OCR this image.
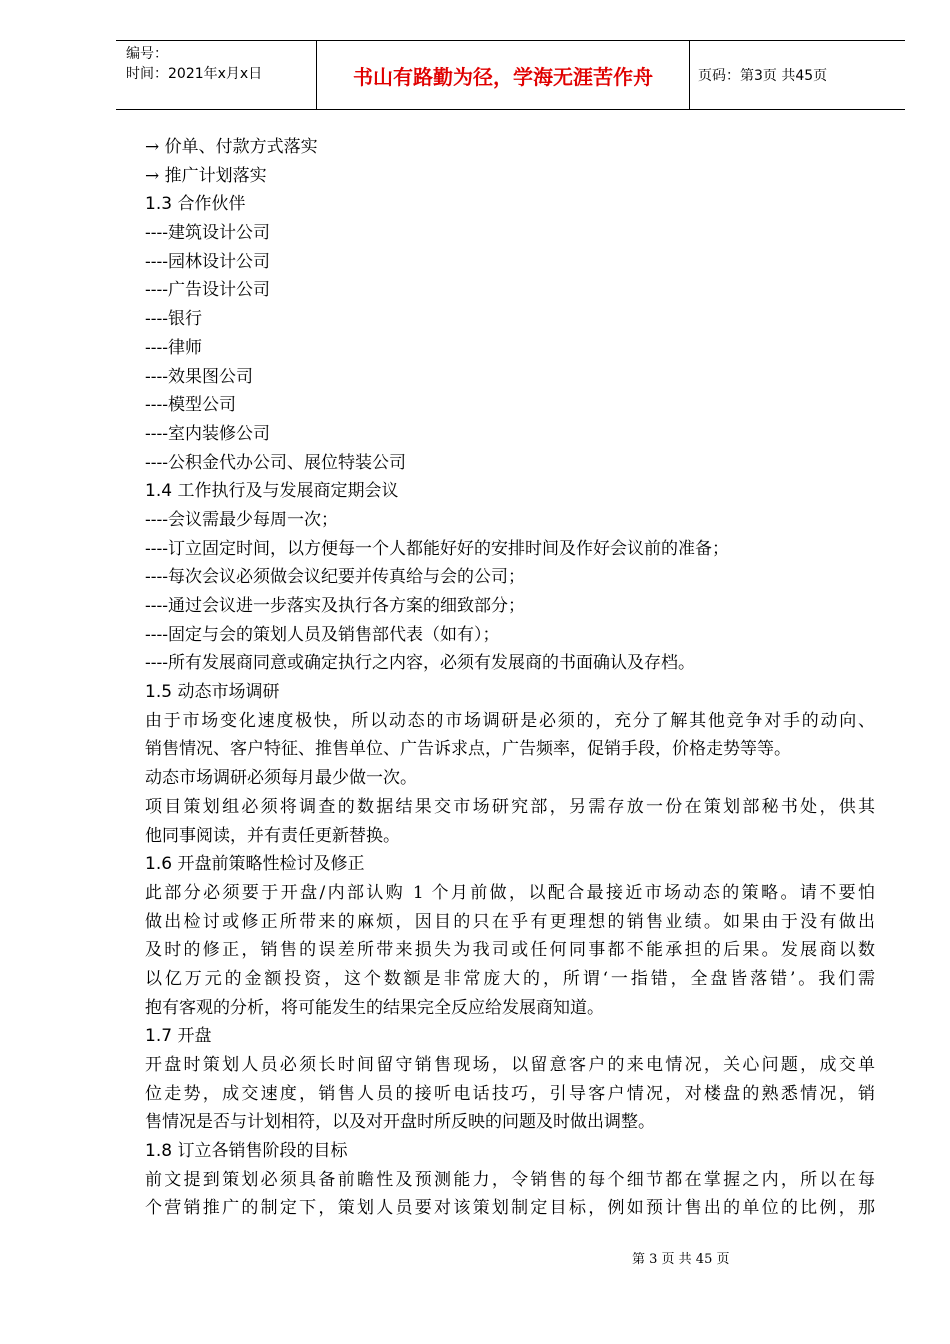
编号：
时间：2021年x月x日	书山有路勤为径，学海无涯苦作舟	页码：第3页 共45页
→ 价单、付款方式落实
→ 推广计划落实
1.3 合作伙伴
----建筑设计公司
----园林设计公司
----广告设计公司
----银行
----律师
----效果图公司
----模型公司
----室内装修公司
----公积金代办公司、展位特装公司
1.4 工作执行及与发展商定期会议
----会议需最少每周一次；
----订立固定时间，以方便每一个人都能好好的安排时间及作好会议前的准备；
----每次会议必须做会议纪要并传真给与会的公司；
----通过会议进一步落实及执行各方案的细致部分；
----固定与会的策划人员及销售部代表（如有）；
----所有发展商同意或确定执行之内容，必须有发展商的书面确认及存档。
1.5 动态市场调研
由于市场变化速度极快，所以动态的市场调研是必须的，充分了解其他竞争对手的动向、
销售情况、客户特征、推售单位、广告诉求点，广告频率，促销手段，价格走势等等。
动态市场调研必须每月最少做一次。
项目策划组必须将调查的数据结果交市场研究部，另需存放一份在策划部秘书处，供其
他同事阅读，并有责任更新替换。
1.6 开盘前策略性检讨及修正
此部分必须要于开盘/内部认购 1 个月前做，以配合最接近市场动态的策略。请不要怕
做出检讨或修正所带来的麻烦，因目的只在乎有更理想的销售业绩。如果由于没有做出
及时的修正，销售的误差所带来损失为我司或任何同事都不能承担的后果。发展商以数
以亿万元的金额投资，这个数额是非常庞大的，所谓‘一指错，全盘皆落错’。我们需
抱有客观的分析，将可能发生的结果完全反应给发展商知道。
1.7 开盘
开盘时策划人员必须长时间留守销售现场，以留意客户的来电情况，关心问题，成交单
位走势，成交速度，销售人员的接听电话技巧，引导客户情况，对楼盘的熟悉情况，销
售情况是否与计划相符，以及对开盘时所反映的问题及时做出调整。
1.8 订立各销售阶段的目标
前文提到策划必须具备前瞻性及预测能力，令销售的每个细节都在掌握之内，所以在每
个营销推广的制定下，策划人员要对该策划制定目标，例如预计售出的单位的比例，那
第 3 页 共 45 页
